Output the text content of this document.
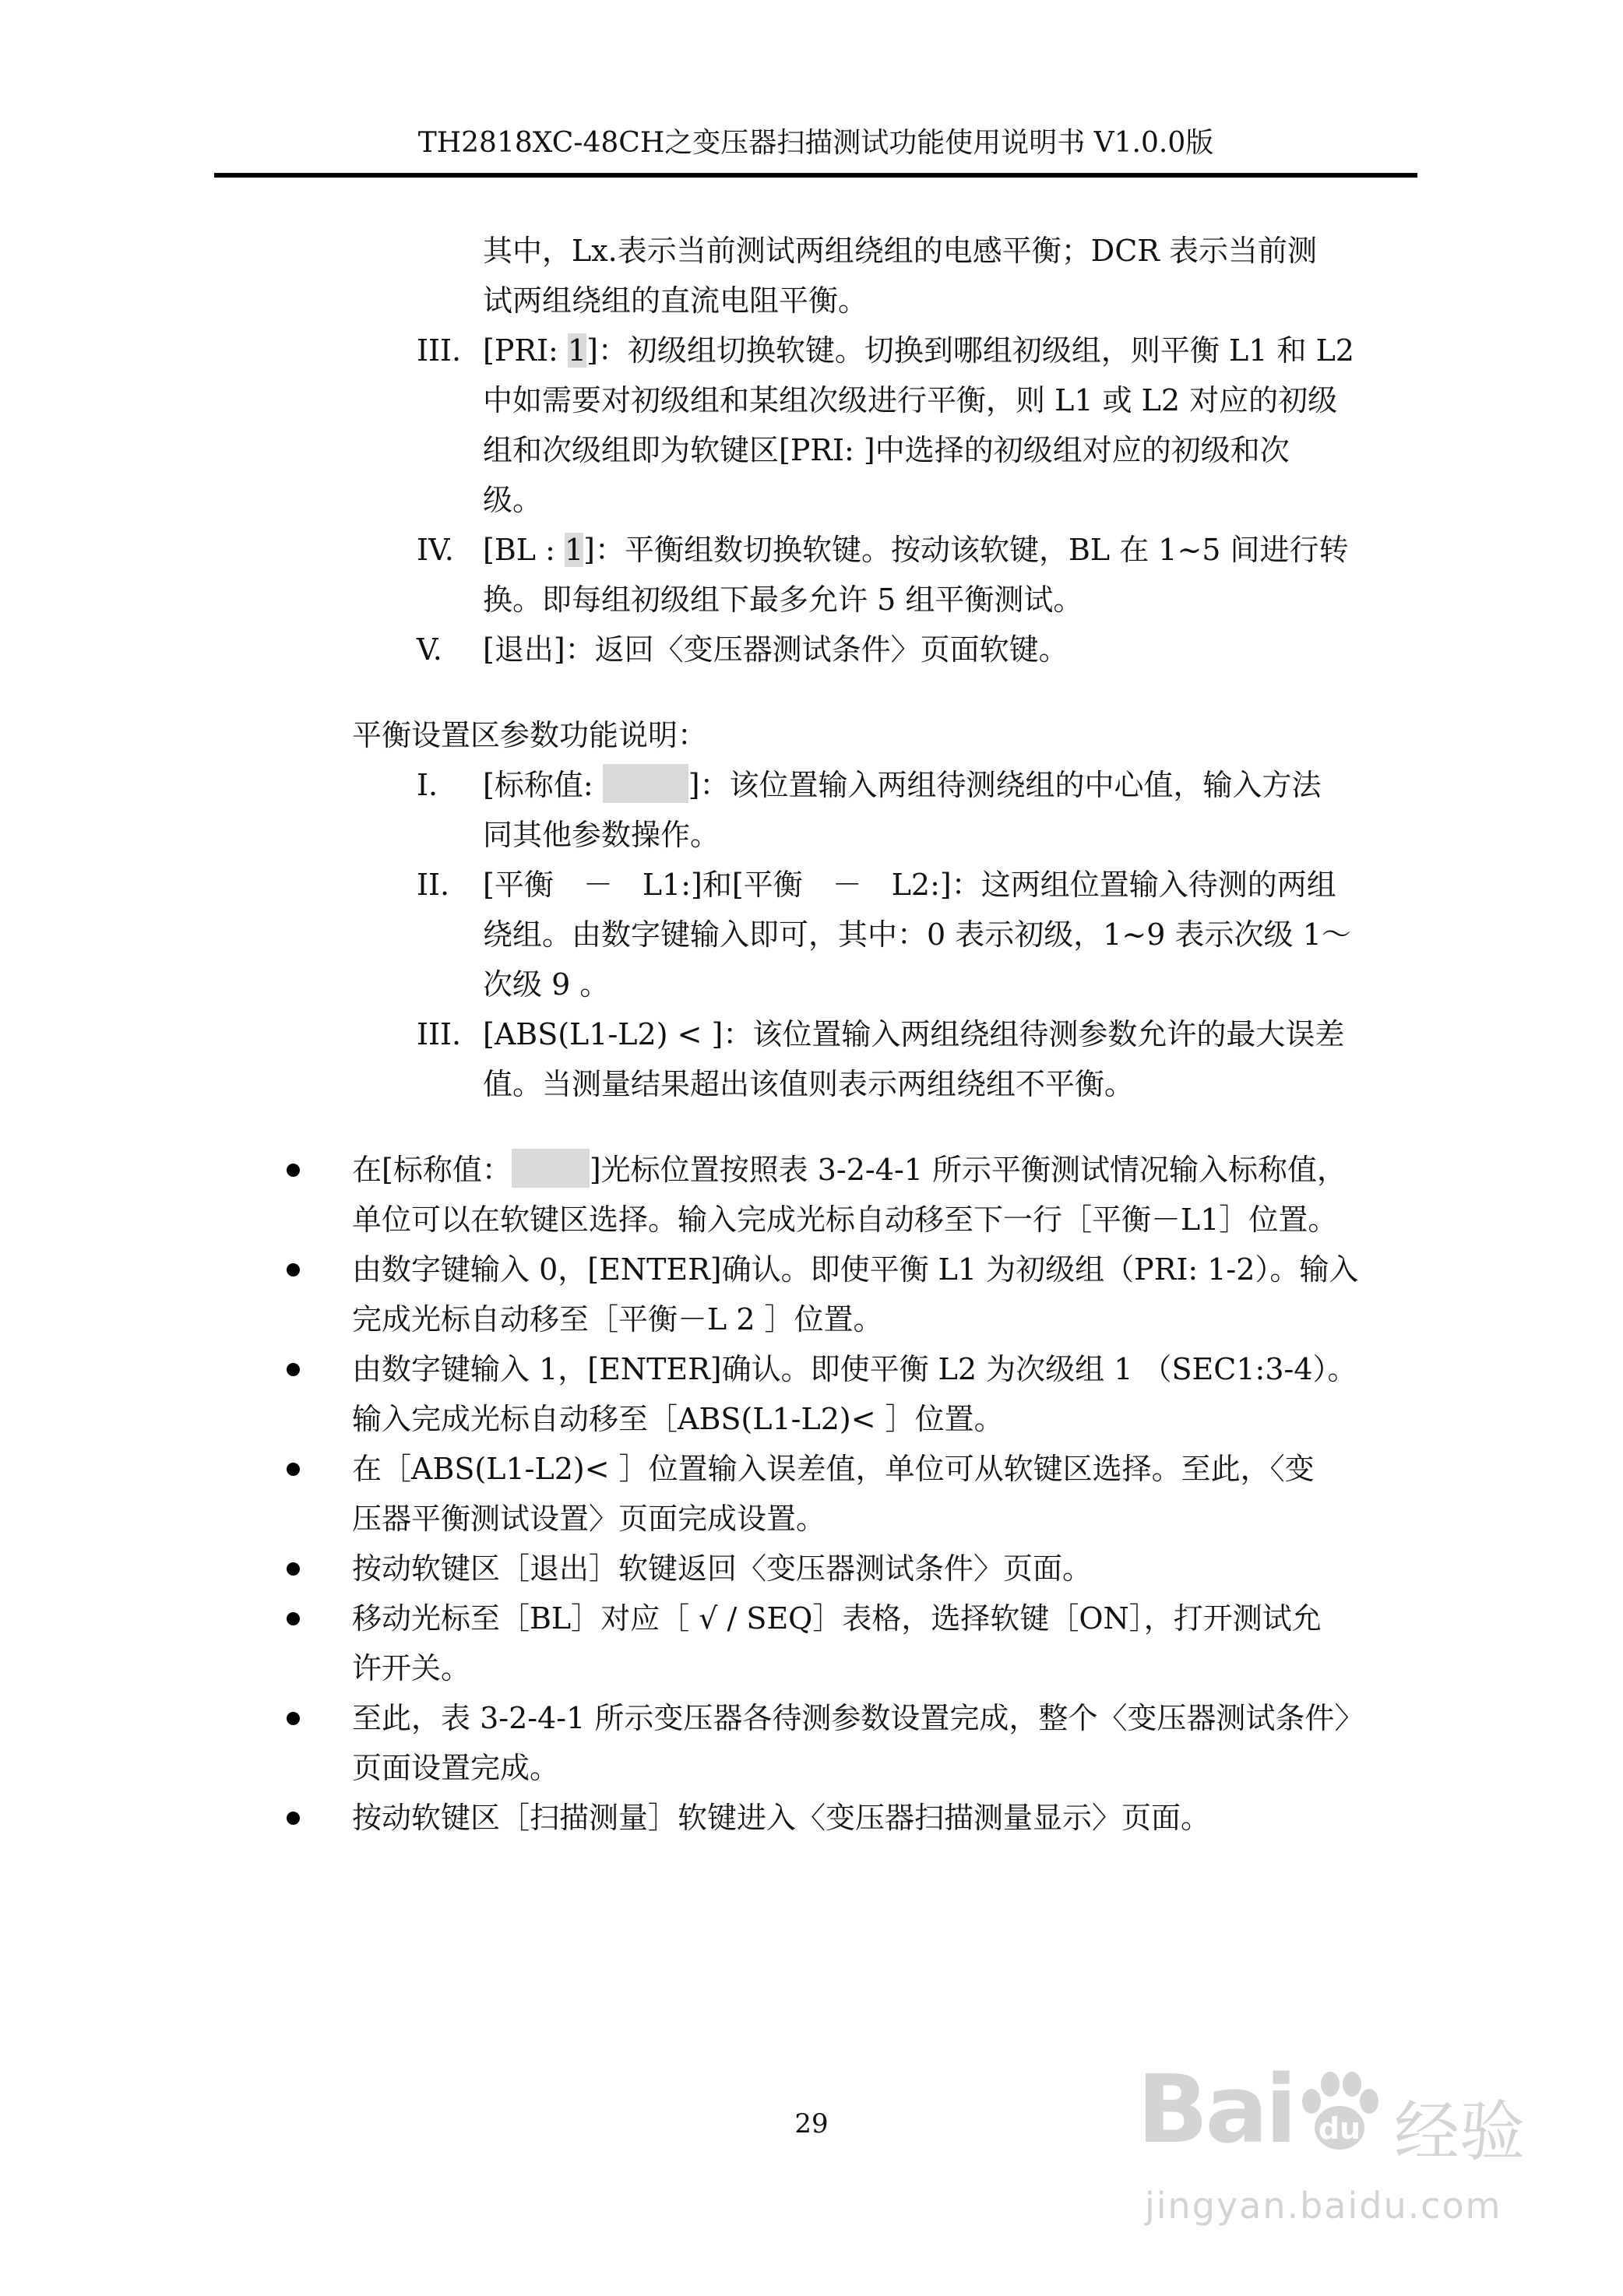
TH2818XC-48CH之变压器扫描测试功能使用说明书 V1.0.0版
其中，Lx.表示当前测试两组绕组的电感平衡；DCR 表示当前测
试两组绕组的直流电阻平衡。
III. [PRI: 1]：初级组切换软键。切换到哪组初级组，则平衡 L1 和 L2
中如需要对初级组和某组次级进行平衡，则 L1 或 L2 对应的初级
组和次级组即为软键区[PRI: ]中选择的初级组对应的初级和次
级。
IV. [BL : 1]：平衡组数切换软键。按动该软键，BL 在 1~5 间进行转
换。即每组初级组下最多允许 5 组平衡测试。
V. [退出]：返回〈变压器测试条件〉页面软键。
平衡设置区参数功能说明：
I. [标称值:	]：该位置输入两组待测绕组的中心值，输入方法
同其他参数操作。
II. [平衡　－　L1:]和[平衡　－　L2:]：这两组位置输入待测的两组
绕组。由数字键输入即可，其中：0 表示初级，1~9 表示次级 1～
次级 9 。
III. [ABS(L1-L2) < ]：该位置输入两组绕组待测参数允许的最大误差
值。当测量结果超出该值则表示两组绕组不平衡。
在[标称值：	]光标位置按照表 3-2-4-1 所示平衡测试情况输入标称值，
单位可以在软键区选择。输入完成光标自动移至下一行［平衡－L1］位置。
由数字键输入 0，[ENTER]确认。即使平衡 L1 为初级组（PRI: 1-2）。输入
完成光标自动移至［平衡－L 2 ］位置。
由数字键输入 1，[ENTER]确认。即使平衡 L2 为次级组 1 （SEC1:3-4）。
输入完成光标自动移至［ABS(L1-L2)< ］位置。
在［ABS(L1-L2)< ］位置输入误差值，单位可从软键区选择。至此，〈变
压器平衡测试设置〉页面完成设置。
按动软键区［退出］软键返回〈变压器测试条件〉页面。
移动光标至［BL］对应［ √ / SEQ］表格，选择软键［ON］，打开测试允
许开关。
至此，表 3-2-4-1 所示变压器各待测参数设置完成，整个〈变压器测试条件〉
页面设置完成。
按动软键区［扫描测量］软键进入〈变压器扫描测量显示〉页面。
29	Bai du 经验
jingyan.baidu.com
